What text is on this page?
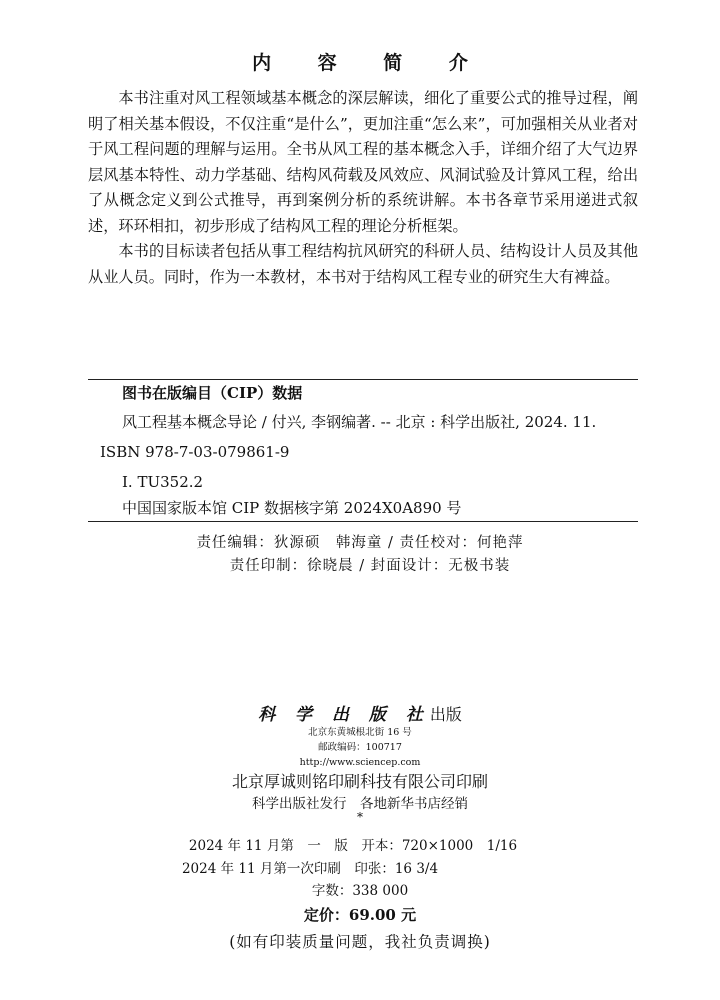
内 容 简 介

本书注重对风工程领域基本概念的深层解读，细化了重要公式的推导过程，阐明了相关基本假设，不仅注重“是什么”，更加注重“怎么来”，可加强相关从业者对于风工程问题的理解与运用。全书从风工程的基本概念入手，详细介绍了大气边界层风基本特性、动力学基础、结构风荷载及风效应、风洞试验及计算风工程，给出了从概念定义到公式推导，再到案例分析的系统讲解。本书各章节采用递进式叙述，环环相扣，初步形成了结构风工程的理论分析框架。

本书的目标读者包括从事工程结构抗风研究的科研人员、结构设计人员及其他从业人员。同时，作为一本教材，本书对于结构风工程专业的研究生大有裨益。

图书在版编目（CIP）数据
风工程基本概念导论 / 付兴, 李钢编著. -- 北京 : 科学出版社, 2024. 11.
ISBN 978-7-03-079861-9
Ⅰ. TU352.2
中国国家版本馆 CIP 数据核字第 2024X0A890 号
责任编辑：狄源硕　韩海童 / 责任校对：何艳萍
责任印制：徐晓晨 / 封面设计：无极书装
科 学 出 版 社出版
北京东黄城根北街 16 号
邮政编码：100717
http://www.sciencep.com
北京厚诚则铭印刷科技有限公司印刷
科学出版社发行　各地新华书店经销
*
2024 年 11 月第　一　版　开本：720×1000　1/16
2024 年 11 月第一次印刷　印张：16 3/4
字数：338 000
定价：69.00 元
(如有印装质量问题，我社负责调换)
